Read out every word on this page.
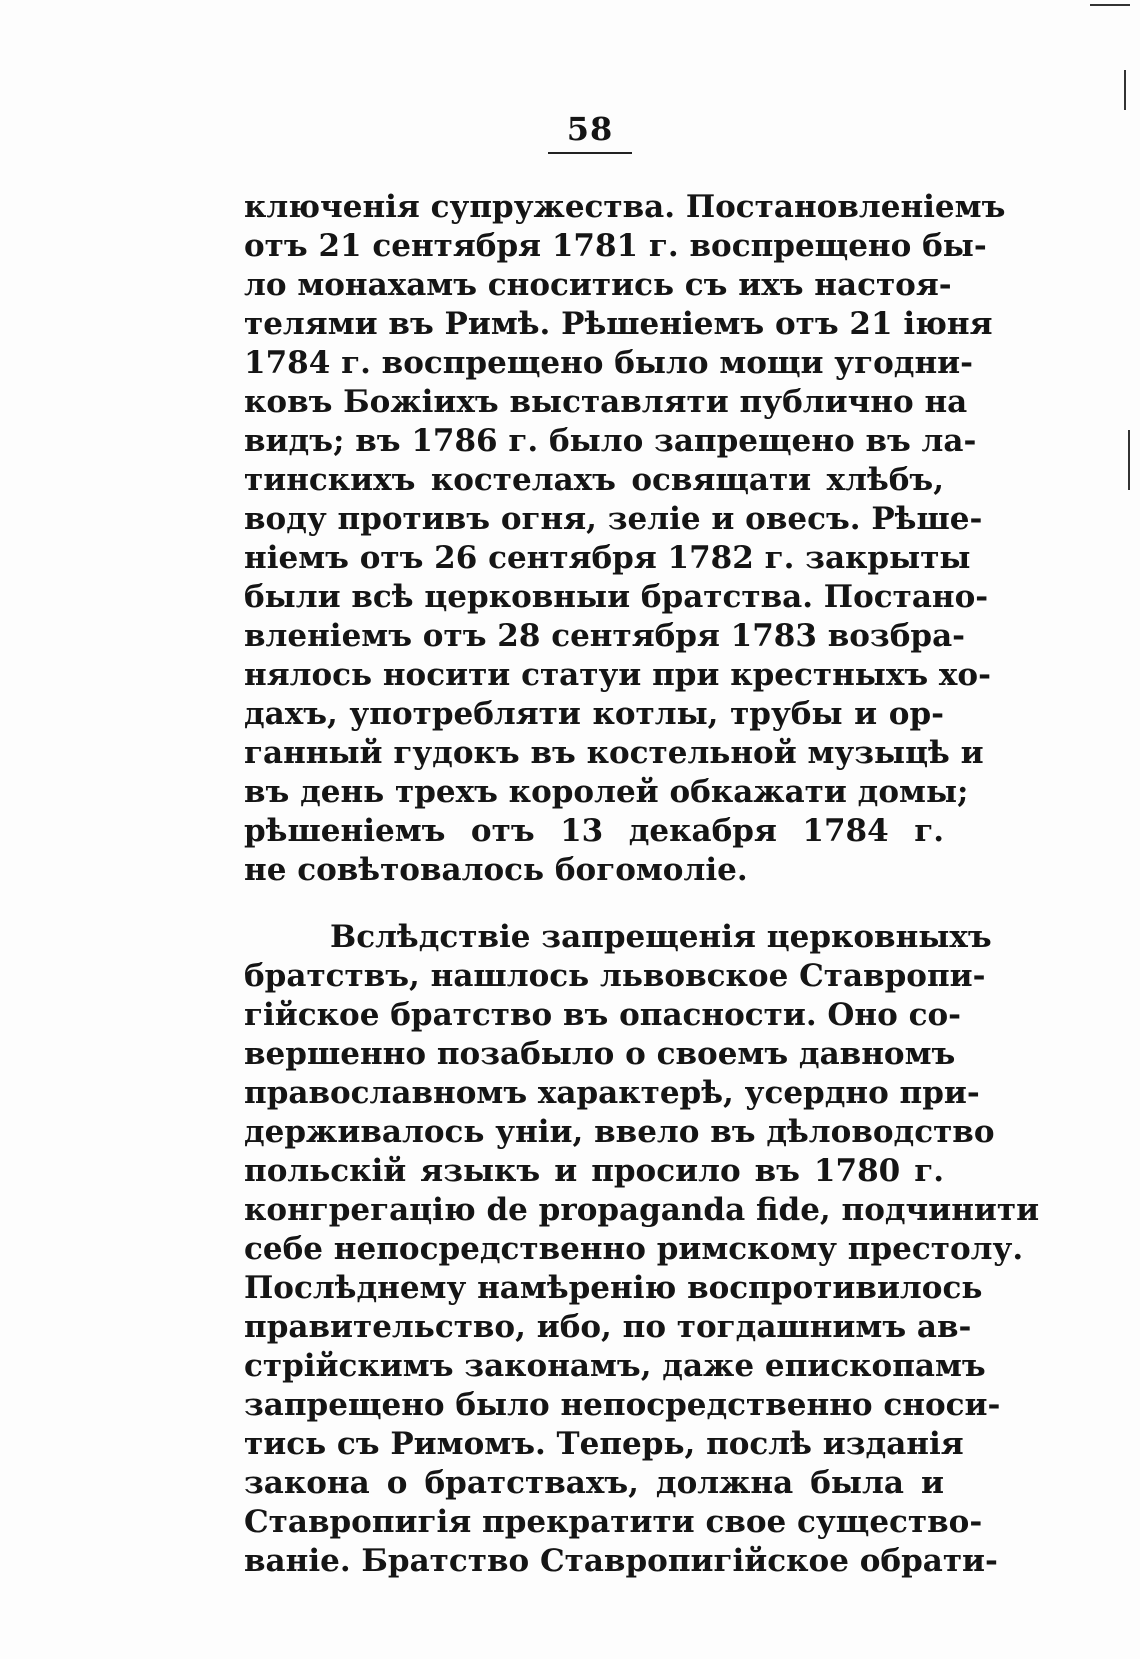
58
ключенія супружества. Постановленіемъ
отъ 21 сентября 1781 г. воспрещено бы-
ло монахамъ сноситись съ ихъ настоя-
телями въ Римѣ. Рѣшеніемъ отъ 21 іюня
1784 г. воспрещено было мощи угодни-
ковъ Божіихъ выставляти публично на
видъ; въ 1786 г. было запрещено въ ла-
тинскихъ костелахъ освящати хлѣбъ,
воду противъ огня, зеліе и овесъ. Рѣше-
ніемъ отъ 26 сентября 1782 г. закрыты
были всѣ церковныи братства. Постано-
вленіемъ отъ 28 сентября 1783 возбра-
нялось носити статуи при крестныхъ хо-
дахъ, употребляти котлы, трубы и ор-
ганный гудокъ въ костельной музыцѣ и
въ день трехъ королей обкажати домы;
рѣшеніемъ отъ 13 декабря 1784 г.
не совѣтовалось богомоліе.
Вслѣдствіе запрещенія церковныхъ
братствъ, нашлось львовское Ставропи-
гійское братство въ опасности. Оно со-
вершенно позабыло о своемъ давномъ
православномъ характерѣ, усердно при-
держивалось уніи, ввело въ дѣловодство
польскій языкъ и просило въ 1780 г.
конгрегацію de propaganda fide, подчинити
себе непосредственно римскому престолу.
Послѣднему намѣренію воспротивилось
правительство, ибо, по тогдашнимъ ав-
стрійскимъ законамъ, даже епископамъ
запрещено было непосредственно сноси-
тись съ Римомъ. Теперь, послѣ изданія
закона о братствахъ, должна была и
Ставропигія прекратити свое существо-
ваніе. Братство Ставропигійское обрати-
